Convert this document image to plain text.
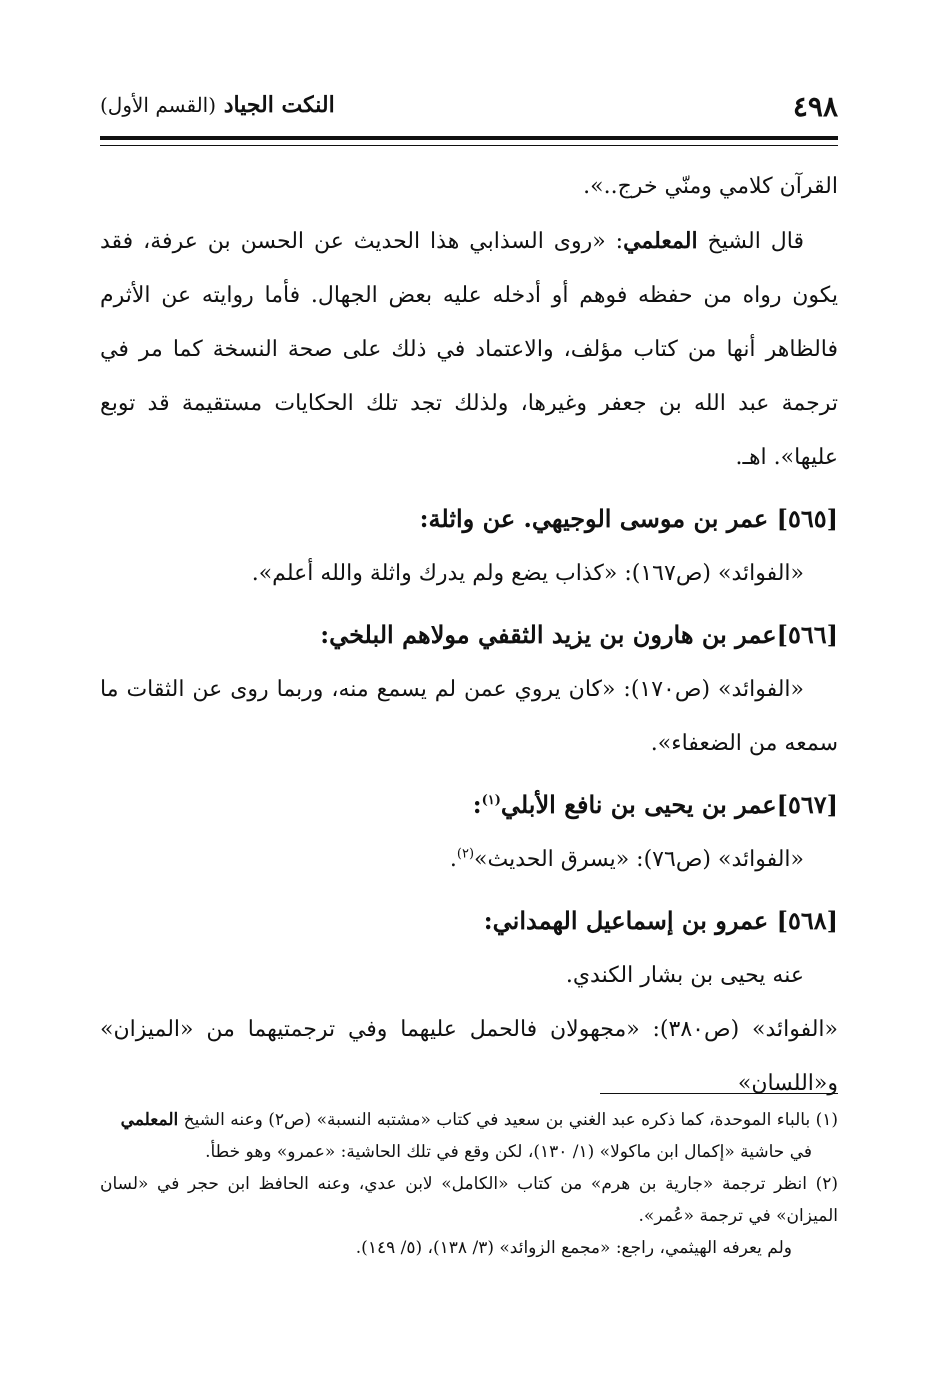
٤٩٨
النكت الجياد (القسم الأول)

القرآن كلامي ومنّي خرج..».

قال الشيخ المعلمي: «روى السذابي هذا الحديث عن الحسن بن عرفة، فقد يكون رواه من حفظه فوهم أو أدخله عليه بعض الجهال. فأما روايته عن الأثرم فالظاهر أنها من كتاب مؤلف، والاعتماد في ذلك على صحة النسخة كما مر في ترجمة عبد الله بن جعفر وغيرها، ولذلك تجد تلك الحكايات مستقيمة قد توبع عليها». اهـ.

[٥٦٥] عمر بن موسى الوجيهي. عن واثلة:

«الفوائد» (ص١٦٧): «كذاب يضع ولم يدرك واثلة والله أعلم».

[٥٦٦]عمر بن هارون بن يزيد الثقفي مولاهم البلخي:

«الفوائد» (ص١٧٠): «كان يروي عمن لم يسمع منه، وربما روى عن الثقات ما سمعه من الضعفاء».

[٥٦٧]عمر بن يحيى بن نافع الأبلي$^{(١)}$:

«الفوائد» (ص٧٦): «يسرق الحديث»$^{(٢)}$.

[٥٦٨] عمرو بن إسماعيل الهمداني:

عنه يحيى بن بشار الكندي.

«الفوائد» (ص٣٨٠): «مجهولان فالحمل عليهما وفي ترجمتيهما من «الميزان» و«اللسان»

(١) بالباء الموحدة، كما ذكره عبد الغني بن سعيد في كتاب «مشتبه النسبة» (ص٢) وعنه الشيخ المعلمي

في حاشية «إكمال ابن ماكولا» (١/ ١٣٠)، لكن وقع في تلك الحاشية: «عمرو» وهو خطأ.

(٢) انظر ترجمة «جارية بن هرم» من كتاب «الكامل» لابن عدي، وعنه الحافظ ابن حجر في «لسان الميزان» في ترجمة «عُمر».

ولم يعرفه الهيثمي، راجع: «مجمع الزوائد» (٣/ ١٣٨)، (٥/ ١٤٩).
